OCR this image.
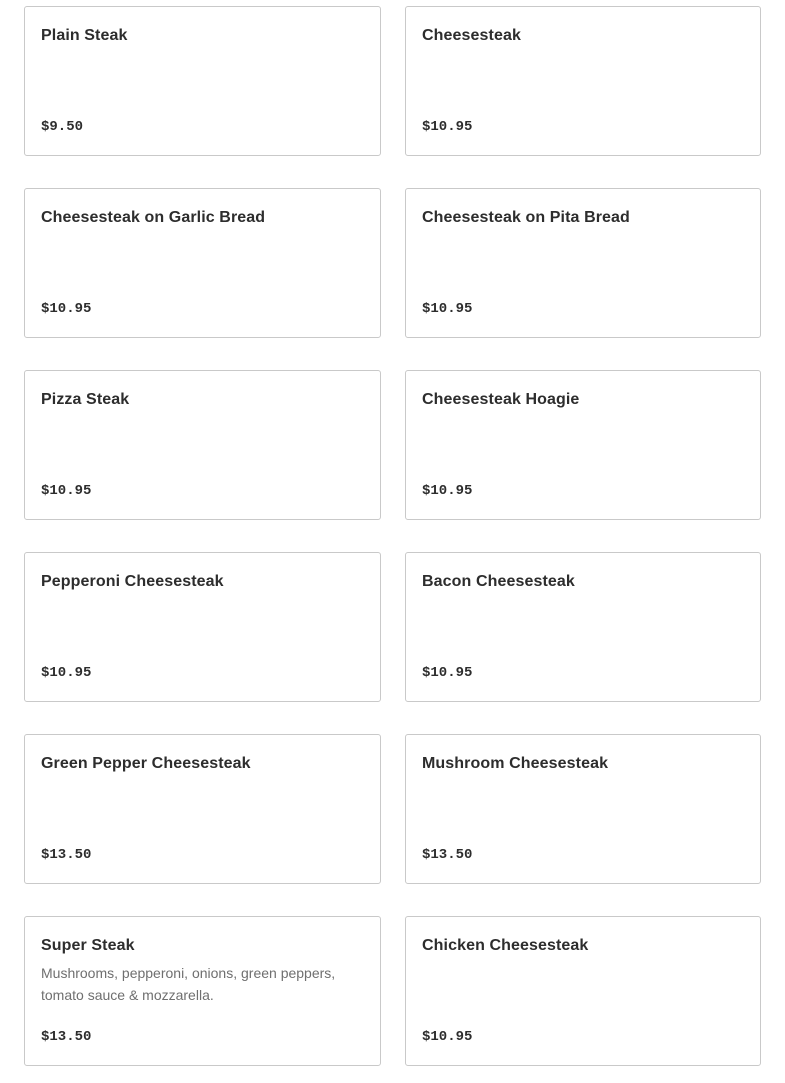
Plain Steak
$9.50
Cheesesteak
$10.95
Cheesesteak on Garlic Bread
$10.95
Cheesesteak on Pita Bread
$10.95
Pizza Steak
$10.95
Cheesesteak Hoagie
$10.95
Pepperoni Cheesesteak
$10.95
Bacon Cheesesteak
$10.95
Green Pepper Cheesesteak
$13.50
Mushroom Cheesesteak
$13.50
Super Steak
Mushrooms, pepperoni, onions, green peppers, tomato sauce & mozzarella.
$13.50
Chicken Cheesesteak
$10.95
